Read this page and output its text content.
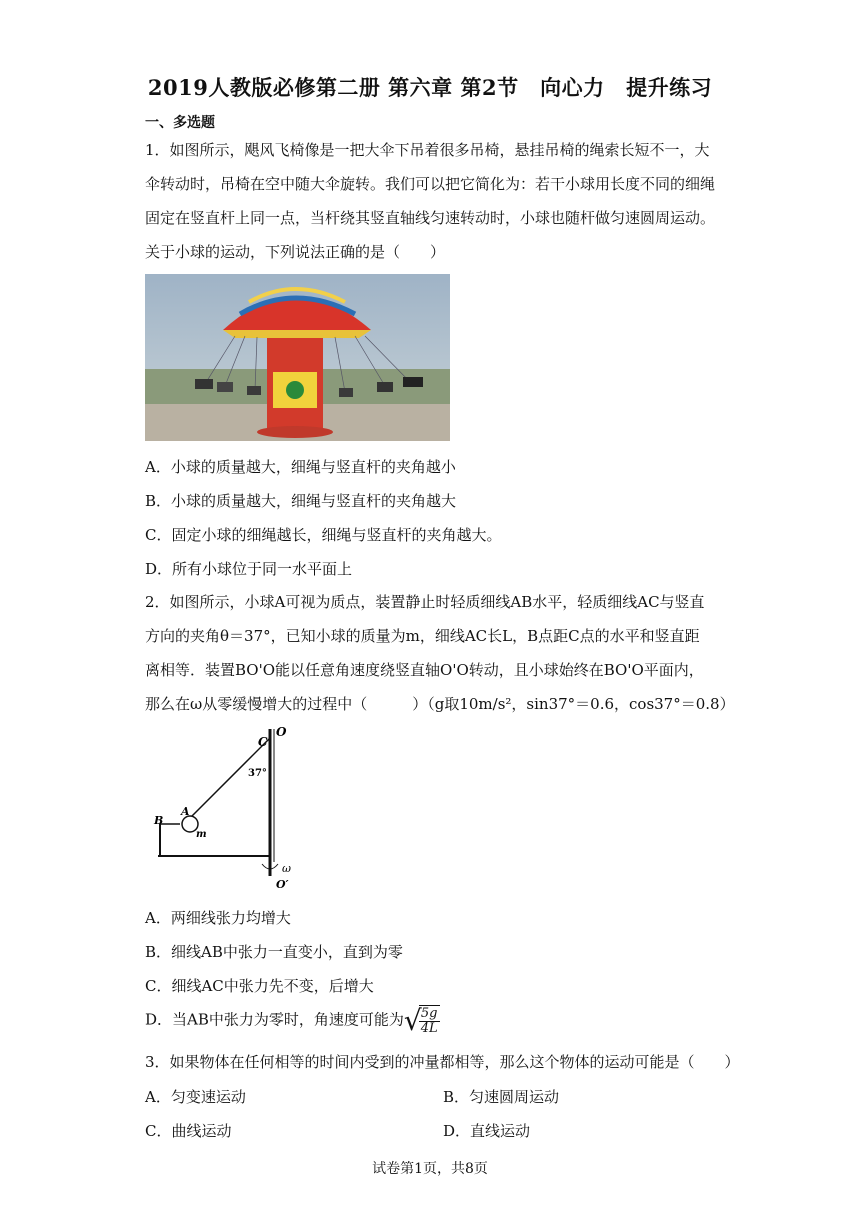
2019人教版必修第二册 第六章 第2节　向心力　提升练习
一、多选题
1．如图所示，飓风飞椅像是一把大伞下吊着很多吊椅，悬挂吊椅的绳索长短不一，大
伞转动时，吊椅在空中随大伞旋转。我们可以把它简化为：若干小球用长度不同的细绳
固定在竖直杆上同一点，当杆绕其竖直轴线匀速转动时，小球也随杆做匀速圆周运动。
关于小球的运动，下列说法正确的是（　　）
A．小球的质量越大，细绳与竖直杆的夹角越小
B．小球的质量越大，细绳与竖直杆的夹角越大
C．固定小球的细绳越长，细绳与竖直杆的夹角越大。
D．所有小球位于同一水平面上
2．如图所示，小球A可视为质点，装置静止时轻质细线AB水平，轻质细线AC与竖直
方向的夹角θ＝37°，已知小球的质量为m，细线AC长L，B点距C点的水平和竖直距
离相等．装置BO'O能以任意角速度绕竖直轴O'O转动，且小球始终在BO'O平面内，
那么在ω从零缓慢增大的过程中（　　　）（g取10m/s²，sin37°＝0.6，cos37°＝0.8）
O
C
37°
A
B
m
ω
O′
A．两细线张力均增大
B．细线AB中张力一直变小，直到为零
C．细线AC中张力先不变，后增大
D．当AB中张力为零时，角速度可能为√
$\frac{5g}{4L}$
3．如果物体在任何相等的时间内受到的冲量都相等，那么这个物体的运动可能是（　　）
A．匀变速运动	B．匀速圆周运动
C．曲线运动	D．直线运动
试卷第1页，共8页
